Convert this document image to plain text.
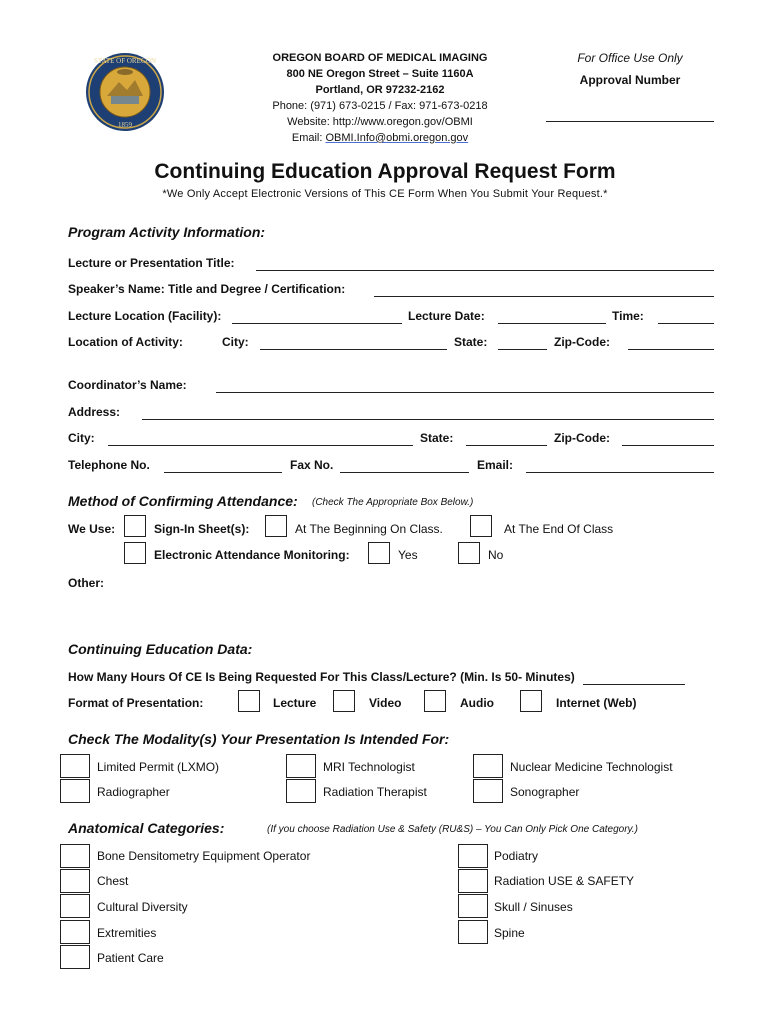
STATE OF OREGON
1859
OREGON BOARD OF MEDICAL IMAGING
800 NE Oregon Street – Suite 1160A
Portland, OR 97232-2162
Phone: (971) 673-0215 / Fax: 971-673-0218
Website: http://www.oregon.gov/OBMI
Email: OBMI.Info@obmi.oregon.gov
For Office Use Only
Approval Number
Continuing Education Approval Request Form
*We Only Accept Electronic Versions of This CE Form When You Submit Your Request.*
Program Activity Information:
Lecture or Presentation Title:
Speaker’s Name: Title and Degree / Certification:
Lecture Location (Facility):	Lecture Date:	Time:
Location of Activity:	City:	State:	Zip-Code:
Coordinator’s Name:
Address:
City:	State:	Zip-Code:
Telephone No.	Fax No.	Email:
Method of Confirming Attendance: (Check The Appropriate Box Below.)
We Use:	Sign-In Sheet(s):	At The Beginning On Class.	At The End Of Class
Electronic Attendance Monitoring:	Yes	No
Other:
Continuing Education Data:
How Many Hours Of CE Is Being Requested For This Class/Lecture? (Min. Is 50- Minutes)
Format of Presentation:	Lecture	Video	Audio	Internet (Web)
Check The Modality(s) Your Presentation Is Intended For:
Limited Permit (LXMO)	MRI Technologist	Nuclear Medicine Technologist
Radiographer	Radiation Therapist	Sonographer
Anatomical Categories:	(If you choose Radiation Use & Safety (RU&S) – You Can Only Pick One Category.)
Bone Densitometry Equipment Operator
Chest
Cultural Diversity
Extremities
Patient Care
Podiatry
Radiation USE & SAFETY
Skull / Sinuses
Spine
